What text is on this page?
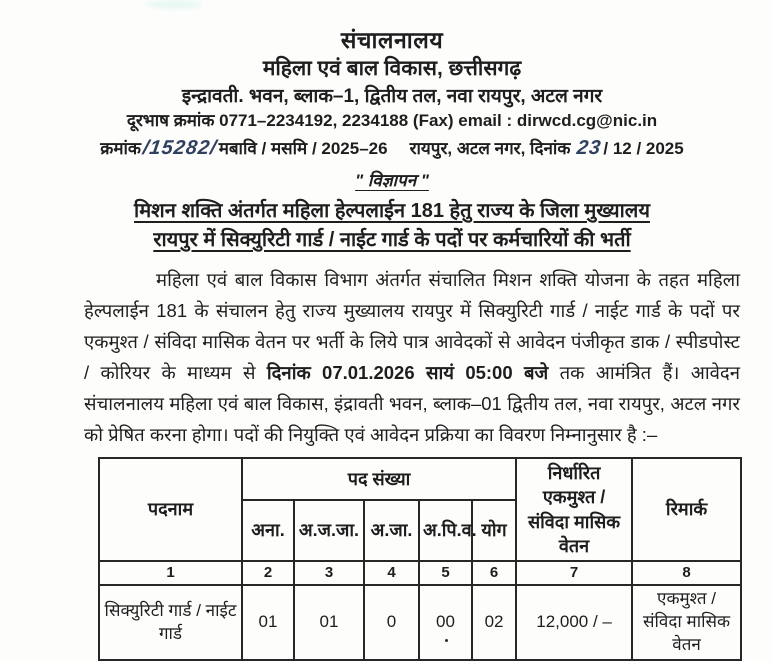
संचालनालय
महिला एवं बाल विकास, छत्तीसगढ़
इन्द्रावती. भवन, ब्लाक–1, द्वितीय तल, नवा रायपुर, अटल नगर
दूरभाष क्रमांक 0771–2234192, 2234188 (Fax) email : dirwcd.cg@nic.in
क्रमांक /15282/ मबावि / मसमि / 2025–26 रायपुर, अटल नगर, दिनांक
23 / 12 / 2025
" विज्ञापन "
मिशन शक्ति अंतर्गत महिला हेल्पलाईन 181 हेतु राज्य के जिला मुख्यालय
रायपुर में सिक्युरिटी गार्ड / नाईट गार्ड के पदों पर कर्मचारियों की भर्ती
महिला एवं बाल विकास विभाग अंतर्गत संचालित मिशन शक्ति योजना के तहत महिला हेल्पलाईन 181 के संचालन हेतु राज्य मुख्यालय रायपुर में सिक्युरिटी गार्ड / नाईट गार्ड के पदों पर एकमुश्त / संविदा मासिक वेतन पर भर्ती के लिये पात्र आवेदकों से आवेदन पंजीकृत डाक / स्पीडपोस्ट / कोरियर के माध्यम से दिनांक 07.01.2026 सायं 05:00 बजे तक आमंत्रित हैं। आवेदन संचालनालय महिला एवं बाल विकास, इंद्रावती भवन, ब्लाक–01 द्वितीय तल, नवा रायपुर, अटल नगर को प्रेषित करना होगा। पदों की नियुक्ति एवं आवेदन प्रक्रिया का विवरण निम्नानुसार है :–
पदनाम	पद संख्या					निर्धारित एकमुश्त / संविदा मासिक वेतन	रिमार्क
	अना.	अ.ज.जा.	अ.जा.	अ.पि.व.	योग		
1	2	3	4	5	6	7	8
सिक्युरिटी गार्ड / नाईट गार्ड	01	01	0	00	02	12,000 / –	एकमुश्त / संविदा मासिक वेतन
